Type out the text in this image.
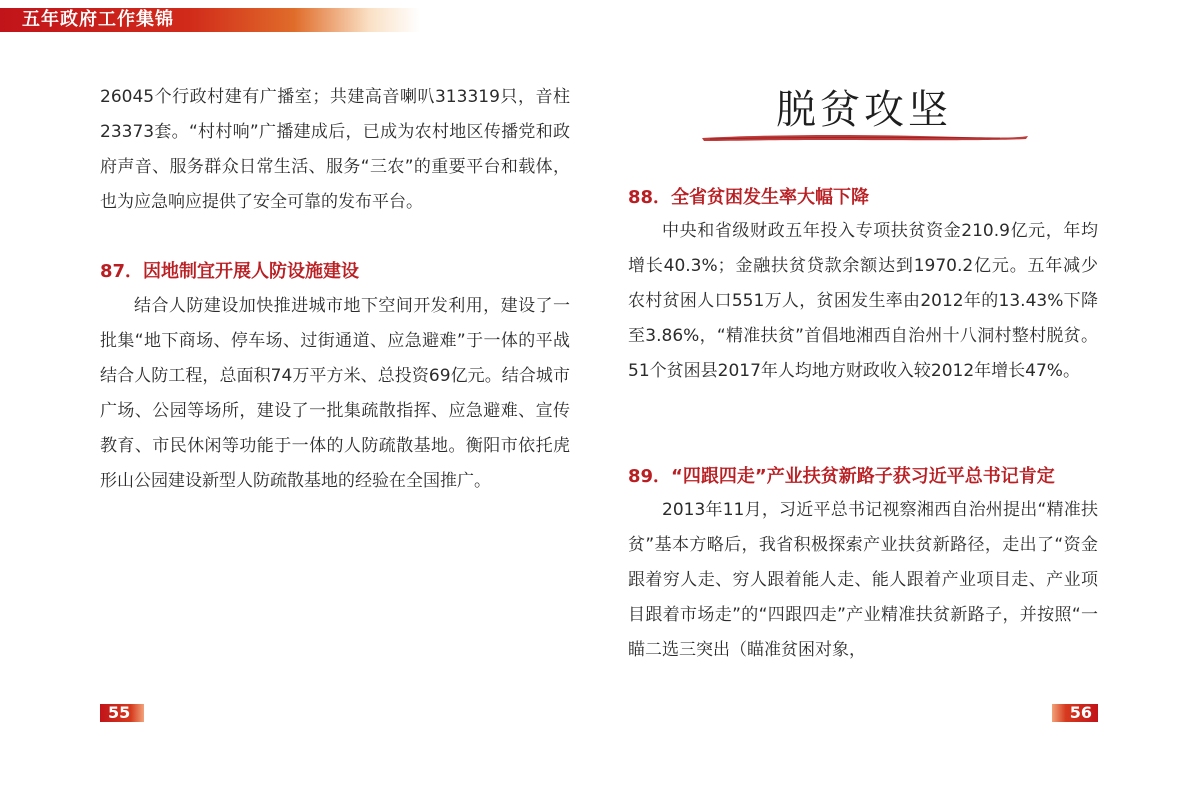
五年政府工作集锦

26045个行政村建有广播室；共建高音喇叭313319只，音柱23373套。“村村响”广播建成后，已成为农村地区传播党和政府声音、服务群众日常生活、服务“三农”的重要平台和载体，也为应急响应提供了安全可靠的发布平台。

87．因地制宜开展人防设施建设

结合人防建设加快推进城市地下空间开发利用，建设了一批集“地下商场、停车场、过街通道、应急避难”于一体的平战结合人防工程，总面积74万平方米、总投资69亿元。结合城市广场、公园等场所，建设了一批集疏散指挥、应急避难、宣传教育、市民休闲等功能于一体的人防疏散基地。衡阳市依托虎形山公园建设新型人防疏散基地的经验在全国推广。

脱贫攻坚
88．全省贫困发生率大幅下降

中央和省级财政五年投入专项扶贫资金210.9亿元，年均增长40.3%；金融扶贫贷款余额达到1970.2亿元。五年减少农村贫困人口551万人，贫困发生率由2012年的13.43%下降至3.86%，“精准扶贫”首倡地湘西自治州十八洞村整村脱贫。51个贫困县2017年人均地方财政收入较2012年增长47%。

89．“四跟四走”产业扶贫新路子获习近平总书记肯定

2013年11月，习近平总书记视察湘西自治州提出“精准扶贫”基本方略后，我省积极探索产业扶贫新路径，走出了“资金跟着穷人走、穷人跟着能人走、能人跟着产业项目走、产业项目跟着市场走”的“四跟四走”产业精准扶贫新路子，并按照“一瞄二选三突出（瞄准贫困对象，

55	56
